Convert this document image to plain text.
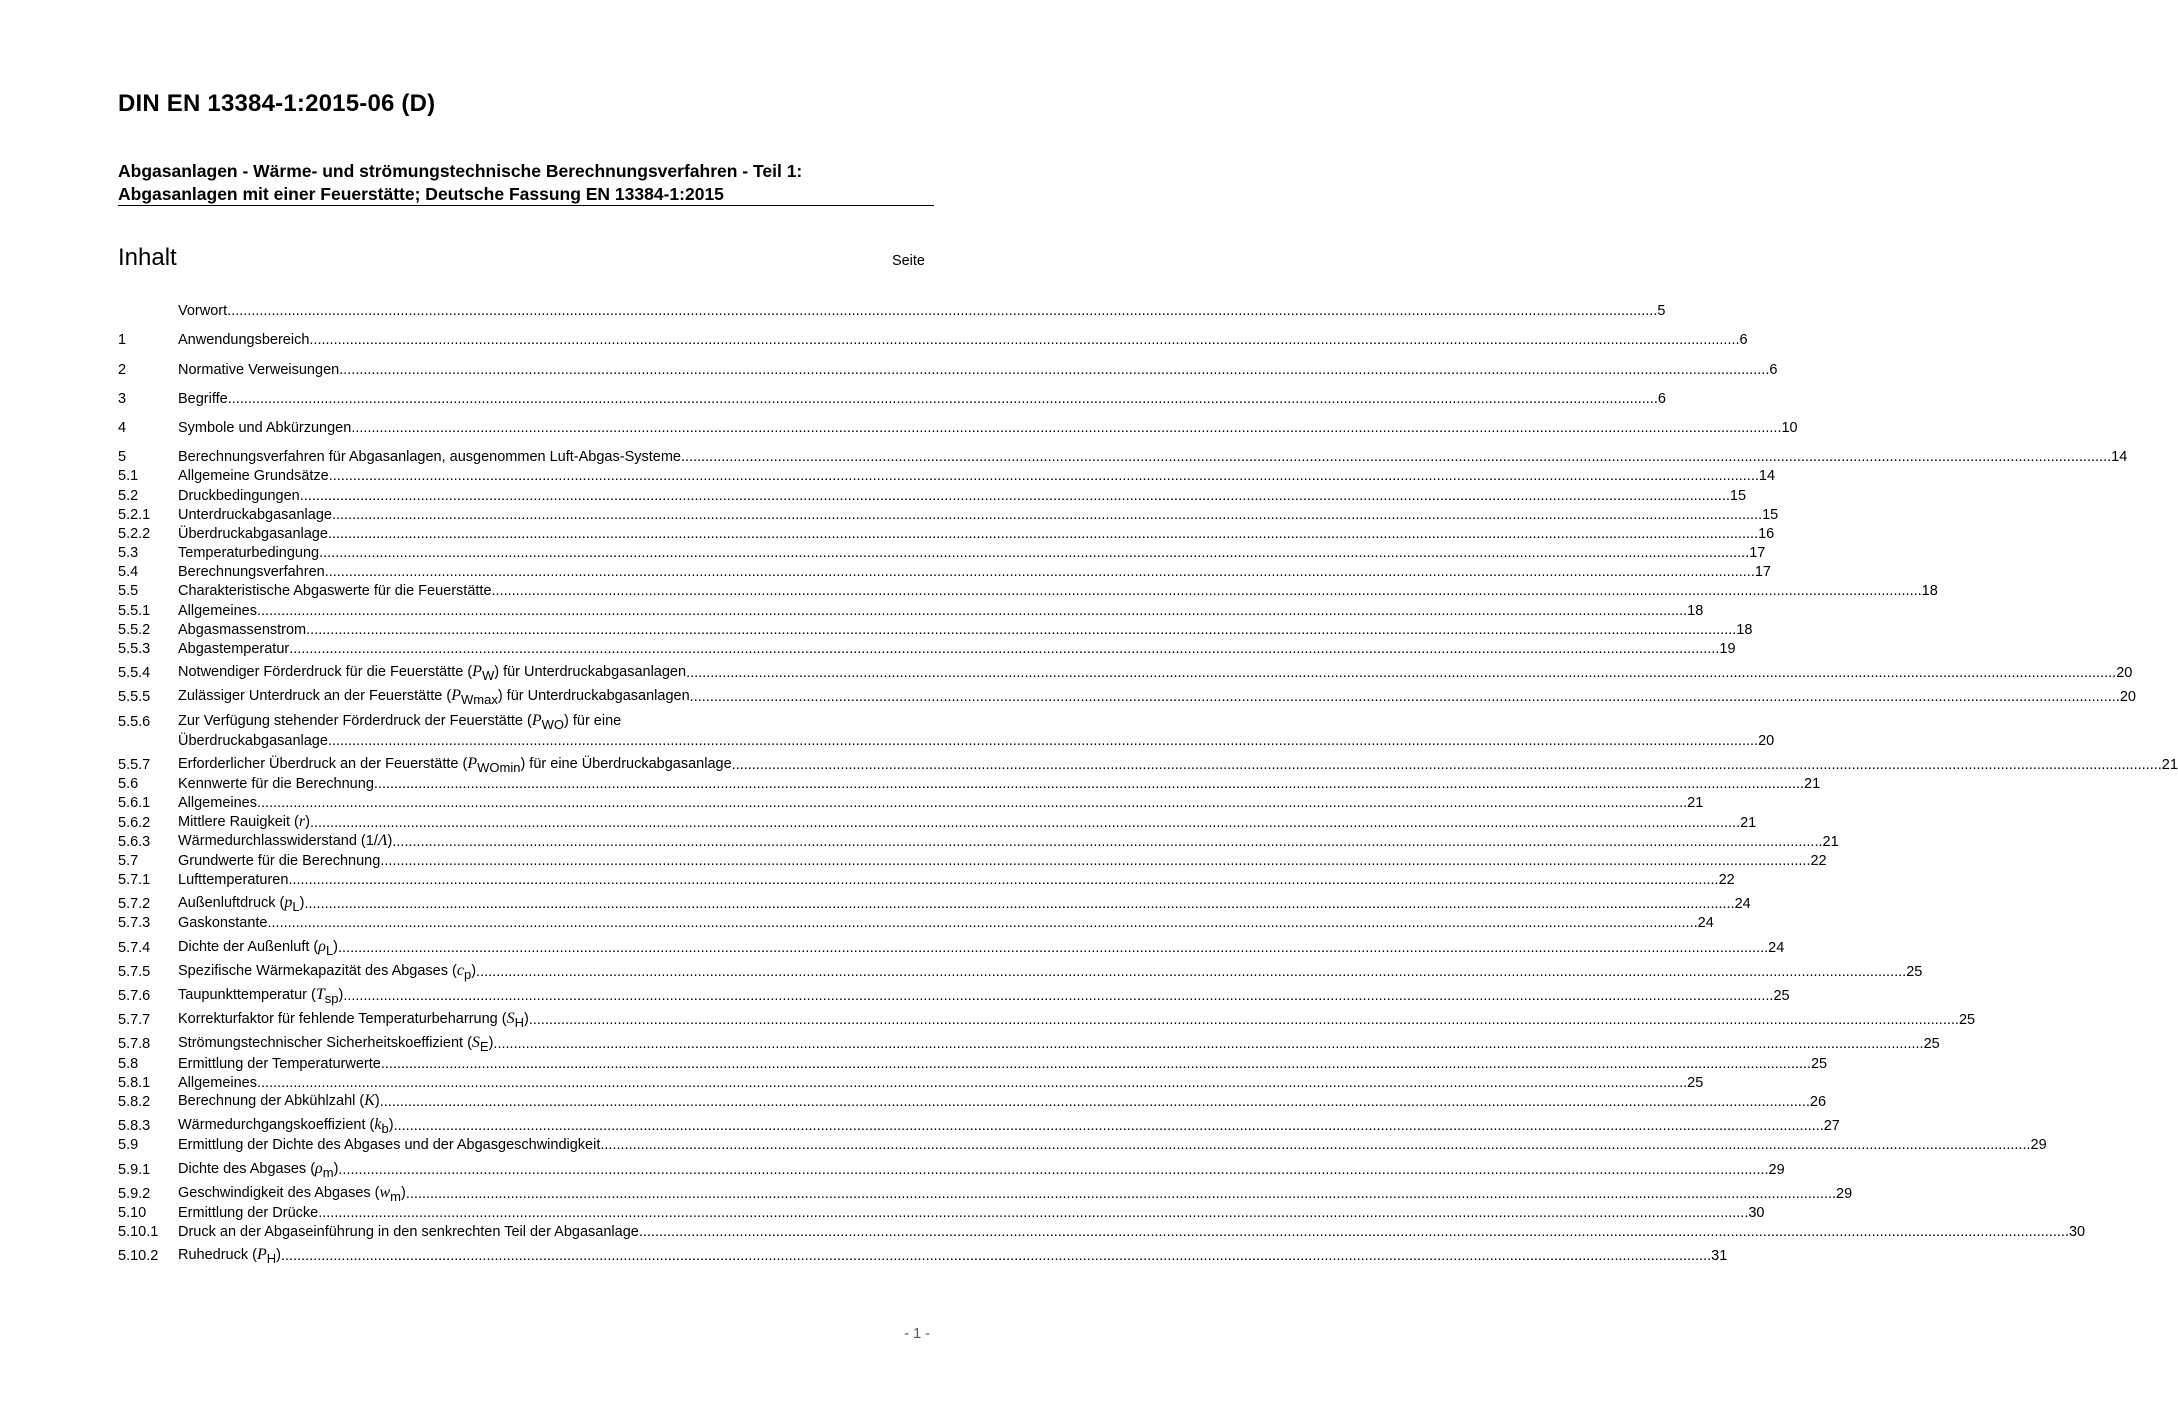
DIN EN 13384-1:2015-06 (D)
Abgasanlagen - Wärme- und strömungstechnische Berechnungsverfahren - Teil 1:
Abgasanlagen mit einer Feuerstätte; Deutsche Fassung EN 13384-1:2015
Inhalt	Seite
Vorwort .....	5
1	Anwendungsbereich .....	6
2	Normative Verweisungen .....	6
3	Begriffe .....	6
4	Symbole und Abkürzungen .....	10
5	Berechnungsverfahren für Abgasanlagen, ausgenommen Luft-Abgas-Systeme .....	14
5.1	Allgemeine Grundsätze .....	14
5.2	Druckbedingungen .....	15
5.2.1	Unterdruckabgasanlage .....	15
5.2.2	Überdruckabgasanlage .....	16
5.3	Temperaturbedingung .....	17
5.4	Berechnungsverfahren .....	17
5.5	Charakteristische Abgaswerte für die Feuerstätte .....	18
5.5.1	Allgemeines .....	18
5.5.2	Abgasmassenstrom .....	18
5.5.3	Abgastemperatur .....	19
5.5.4	Notwendiger Förderdruck für die Feuerstätte $(P_W)$ für Unterdruckabgasanlagen .....	20
5.5.5	Zulässiger Unterdruck an der Feuerstätte $(P_{Wmax})$ für Unterdruckabgasanlagen .....	20
5.5.6	Zur Verfügung stehender Förderdruck der Feuerstätte $(P_{WO})$ für eine
Überdruckabgasanlage .....	20
5.5.7	Erforderlicher Überdruck an der Feuerstätte $(P_{WOmin})$ für eine Überdruckabgasanlage .....	21
5.6	Kennwerte für die Berechnung .....	21
5.6.1	Allgemeines .....	21
5.6.2	Mittlere Rauigkeit (r) .....	21
5.6.3	Wärmedurchlasswiderstand (1/Λ) .....	21
5.7	Grundwerte für die Berechnung .....	22
5.7.1	Lufttemperaturen .....	22
5.7.2	Außenluftdruck $(p_L)$ .....	24
5.7.3	Gaskonstante .....	24
5.7.4	Dichte der Außenluft $(\rho_L)$ .....	24
5.7.5	Spezifische Wärmekapazität des Abgases $(c_p)$ .....	25
5.7.6	Taupunkttemperatur $(T_{sp})$ .....	25
5.7.7	Korrekturfaktor für fehlende Temperaturbeharrung $(S_H)$ .....	25
5.7.8	Strömungstechnischer Sicherheitskoeffizient $(S_E)$ .....	25
5.8	Ermittlung der Temperaturwerte .....	25
5.8.1	Allgemeines .....	25
5.8.2	Berechnung der Abkühlzahl (K) .....	26
5.8.3	Wärmedurchgangskoeffizient $(k_b)$ .....	27
5.9	Ermittlung der Dichte des Abgases und der Abgasgeschwindigkeit .....	29
5.9.1	Dichte des Abgases $(\rho_m)$ .....	29
5.9.2	Geschwindigkeit des Abgases $(w_m)$ .....	29
5.10	Ermittlung der Drücke .....	30
5.10.1	Druck an der Abgaseinführung in den senkrechten Teil der Abgasanlage .....	30
5.10.2	Ruhedruck $(P_H)$ .....	31
- 1 -
